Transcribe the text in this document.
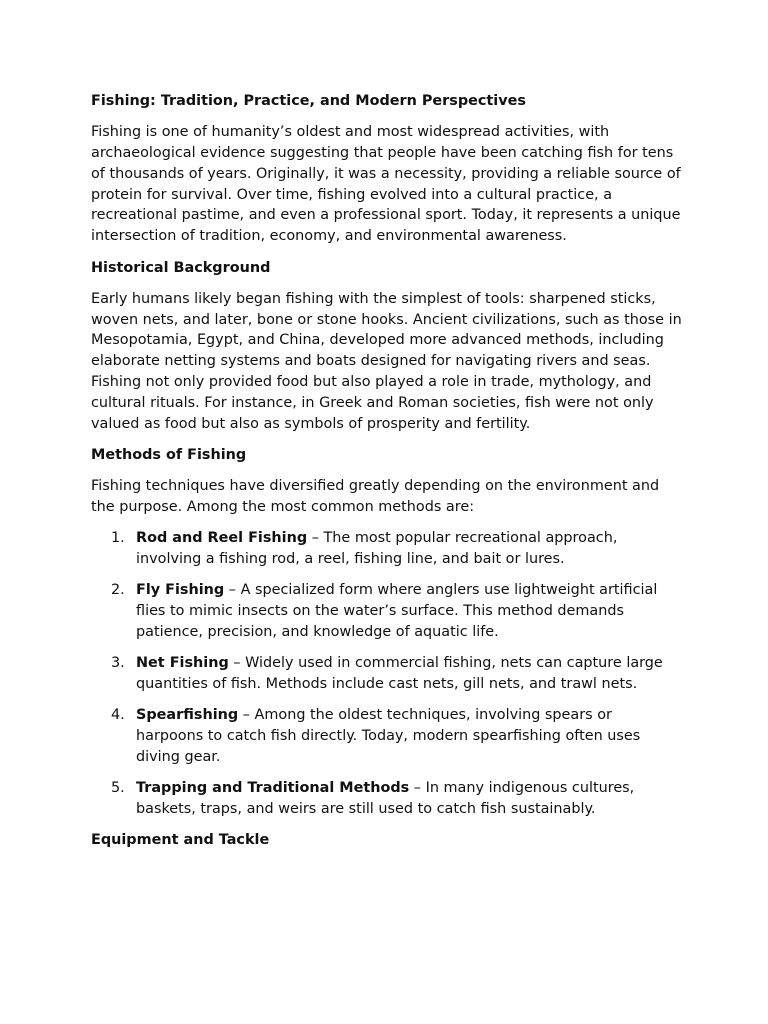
Fishing: Tradition, Practice, and Modern Perspectives

Fishing is one of humanity’s oldest and most widespread activities, with archaeological evidence suggesting that people have been catching fish for tens of thousands of years. Originally, it was a necessity, providing a reliable source of protein for survival. Over time, fishing evolved into a cultural practice, a recreational pastime, and even a professional sport. Today, it represents a unique intersection of tradition, economy, and environmental awareness.

Historical Background

Early humans likely began fishing with the simplest of tools: sharpened sticks, woven nets, and later, bone or stone hooks. Ancient civilizations, such as those in Mesopotamia, Egypt, and China, developed more advanced methods, including elaborate netting systems and boats designed for navigating rivers and seas. Fishing not only provided food but also played a role in trade, mythology, and cultural rituals. For instance, in Greek and Roman societies, fish were not only valued as food but also as symbols of prosperity and fertility.

Methods of Fishing

Fishing techniques have diversified greatly depending on the environment and the purpose. Among the most common methods are:

1. Rod and Reel Fishing – The most popular recreational approach, involving a fishing rod, a reel, fishing line, and bait or lures.
2. Fly Fishing – A specialized form where anglers use lightweight artificial flies to mimic insects on the water’s surface. This method demands patience, precision, and knowledge of aquatic life.
3. Net Fishing – Widely used in commercial fishing, nets can capture large quantities of fish. Methods include cast nets, gill nets, and trawl nets.
4. Spearfishing – Among the oldest techniques, involving spears or harpoons to catch fish directly. Today, modern spearfishing often uses diving gear.
5. Trapping and Traditional Methods – In many indigenous cultures, baskets, traps, and weirs are still used to catch fish sustainably.
Equipment and Tackle
